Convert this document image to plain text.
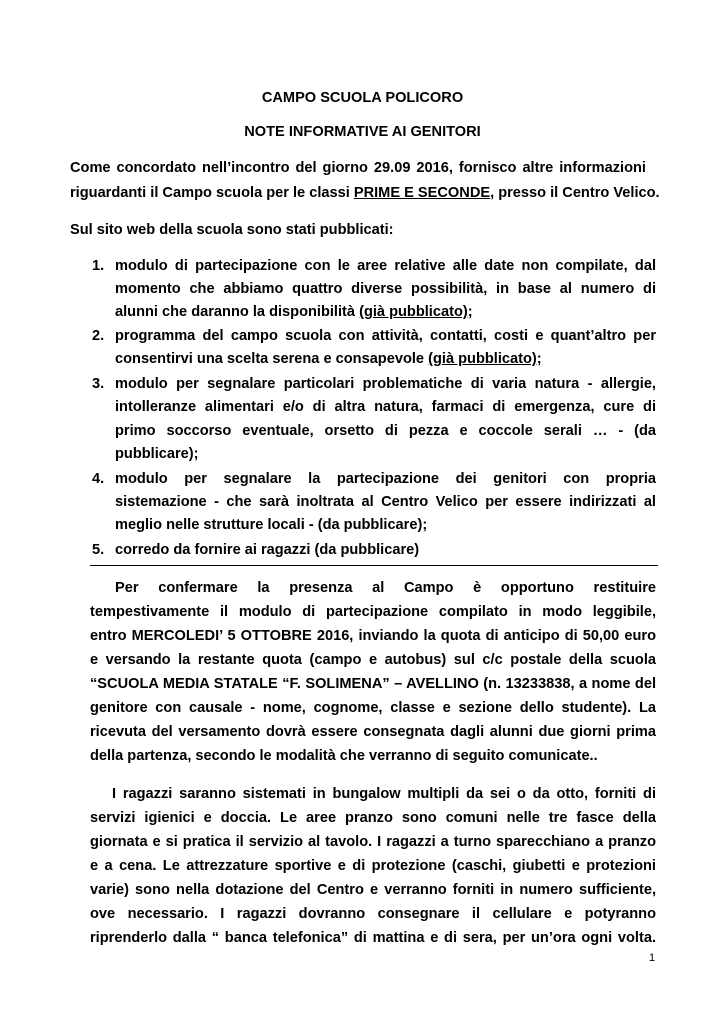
CAMPO SCUOLA POLICORO
NOTE INFORMATIVE AI GENITORI
Come concordato nell’incontro del giorno 29.09 2016, fornisco altre informazioni
riguardanti il Campo scuola per le classi PRIME E SECONDE, presso il Centro Velico.
Sul sito web della scuola sono stati pubblicati:
1. modulo di partecipazione con le aree relative alle date non compilate, dal
momento che abbiamo quattro diverse possibilità, in base al numero di
alunni che daranno la disponibilità (già pubblicato);
2. programma del campo scuola con attività, contatti, costi e quant’altro per
consentirvi una scelta serena e consapevole (già pubblicato);
3. modulo per segnalare particolari problematiche di varia natura - allergie,
intolleranze alimentari e/o di altra natura, farmaci di emergenza, cure di
primo soccorso eventuale, orsetto di pezza e coccole serali … - (da
pubblicare);
4. modulo per segnalare la partecipazione dei genitori con propria
sistemazione - che sarà inoltrata al Centro Velico per essere indirizzati al
meglio nelle strutture locali - (da pubblicare);
5. corredo da fornire ai ragazzi (da pubblicare)
Per confermare la presenza al Campo è opportuno restituire
tempestivamente il modulo di partecipazione compilato in modo leggibile,
entro MERCOLEDI’ 5 OTTOBRE 2016, inviando la quota di anticipo di 50,00 euro
e versando la restante quota (campo e autobus) sul c/c postale della scuola
“SCUOLA MEDIA STATALE “F. SOLIMENA” – AVELLINO (n. 13233838, a nome del
genitore con causale - nome, cognome, classe e sezione dello studente). La
ricevuta del versamento dovrà essere consegnata dagli alunni due giorni prima
della partenza, secondo le modalità che verranno di seguito comunicate..
I ragazzi saranno sistemati in bungalow multipli da sei o da otto, forniti di
servizi igienici e doccia. Le aree pranzo sono comuni nelle tre fasce della
giornata e si pratica il servizio al tavolo. I ragazzi a turno sparecchiano a pranzo
e a cena. Le attrezzature sportive e di protezione (caschi, giubetti e protezioni
varie) sono nella dotazione del Centro e verranno forniti in numero sufficiente,
ove necessario. I ragazzi dovranno consegnare il cellulare e potyranno
riprenderlo dalla “ banca telefonica” di mattina e di sera, per un’ora ogni volta.
1
